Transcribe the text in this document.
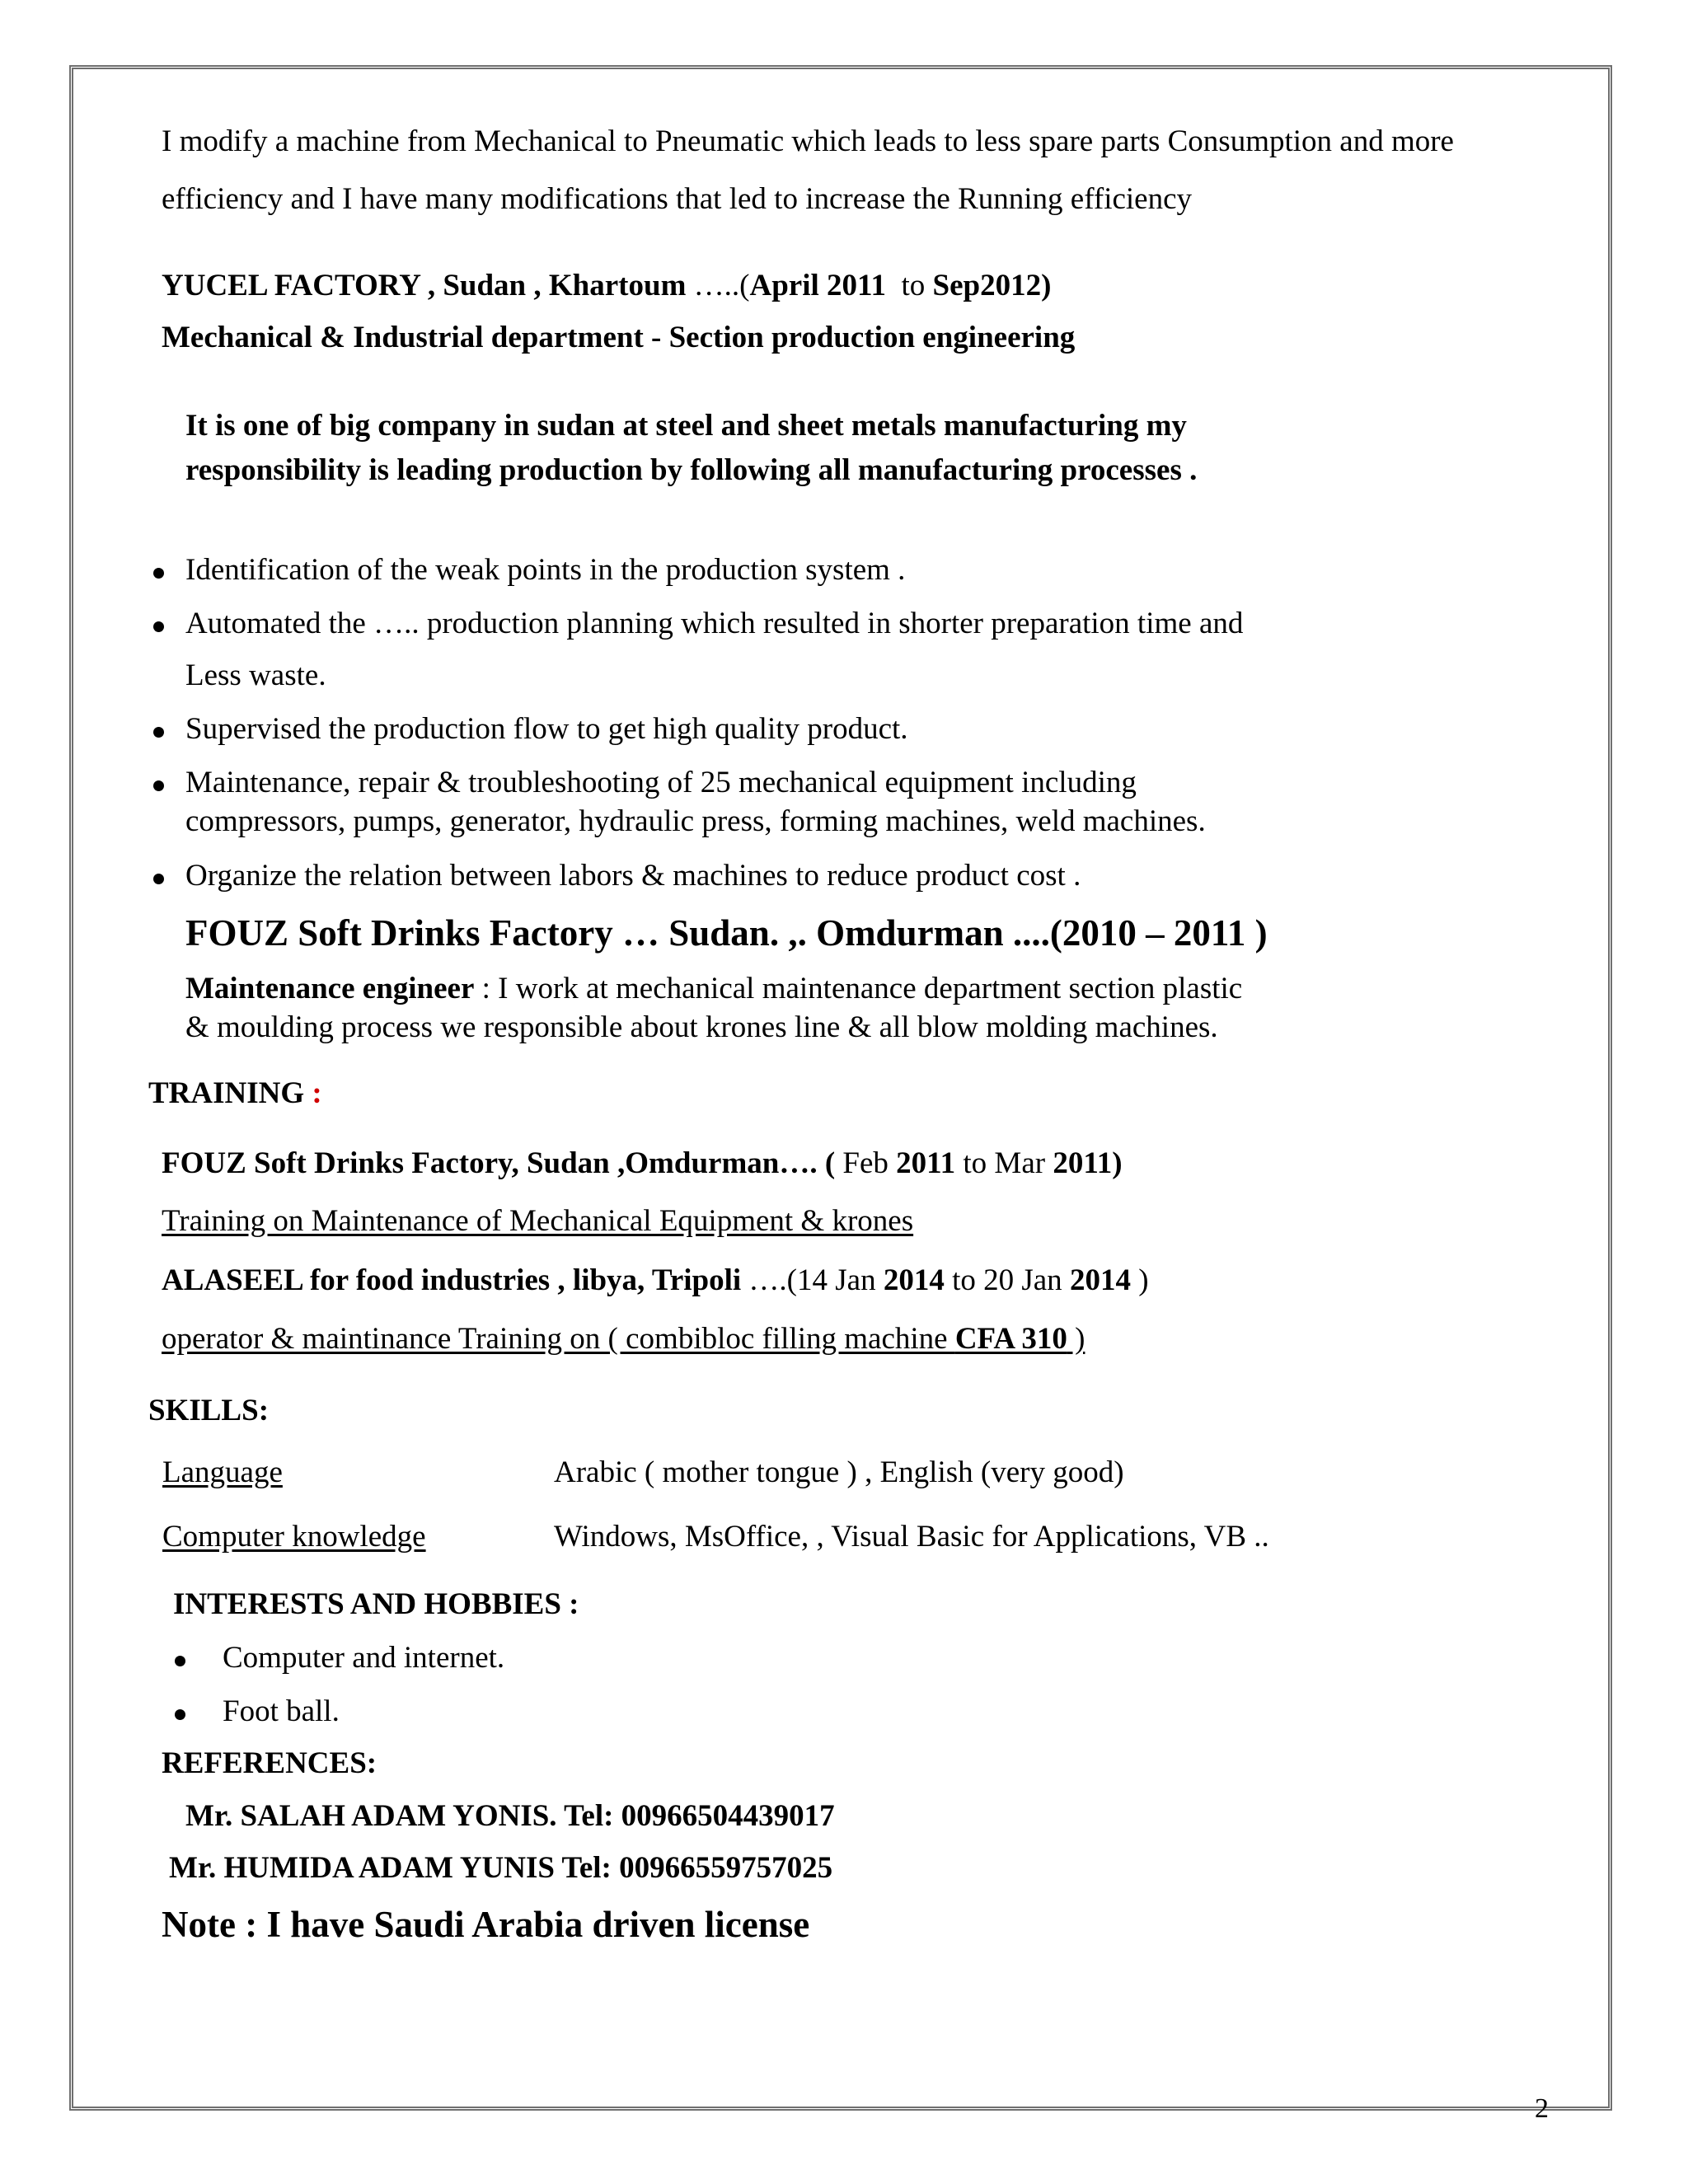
I modify a machine from Mechanical to Pneumatic which leads to less spare parts Consumption and more
efficiency and I have many modifications that led to increase the Running efficiency
YUCEL FACTORY , Sudan , Khartoum …..(April 2011  to Sep2012)
Mechanical & Industrial department - Section production engineering
It is one of big company in sudan at steel and sheet metals manufacturing my
responsibility is leading production by following all manufacturing processes .
Identification of the weak points in the production system .
Automated the ….. production planning which resulted in shorter preparation time and
Less waste.
Supervised the production flow to get high quality product.
Maintenance, repair & troubleshooting of 25 mechanical equipment including
compressors, pumps, generator, hydraulic press, forming machines, weld machines.
Organize the relation between labors & machines to reduce product cost .
FOUZ Soft Drinks Factory … Sudan. ,. Omdurman ....(2010 – 2011 )
Maintenance engineer : I work at mechanical maintenance department section plastic
& moulding process we responsible about krones line & all blow molding machines.
TRAINING :
FOUZ Soft Drinks Factory, Sudan ,Omdurman…. ( Feb 2011 to Mar 2011)
Training on Maintenance of Mechanical Equipment & krones
ALASEEL for food industries , libya, Tripoli ….(14 Jan 2014 to 20 Jan 2014 )
operator & maintinance Training on ( combibloc filling machine CFA 310 )
SKILLS:
Language	Arabic ( mother tongue ) , English (very good)
Computer knowledge	Windows, MsOffice, , Visual Basic for Applications, VB ..
INTERESTS AND HOBBIES :
Computer and internet.
Foot ball.
REFERENCES:
Mr. SALAH ADAM YONIS. Tel: 00966504439017
Mr. HUMIDA ADAM YUNIS Tel: 00966559757025
Note : I have Saudi Arabia driven license
2
